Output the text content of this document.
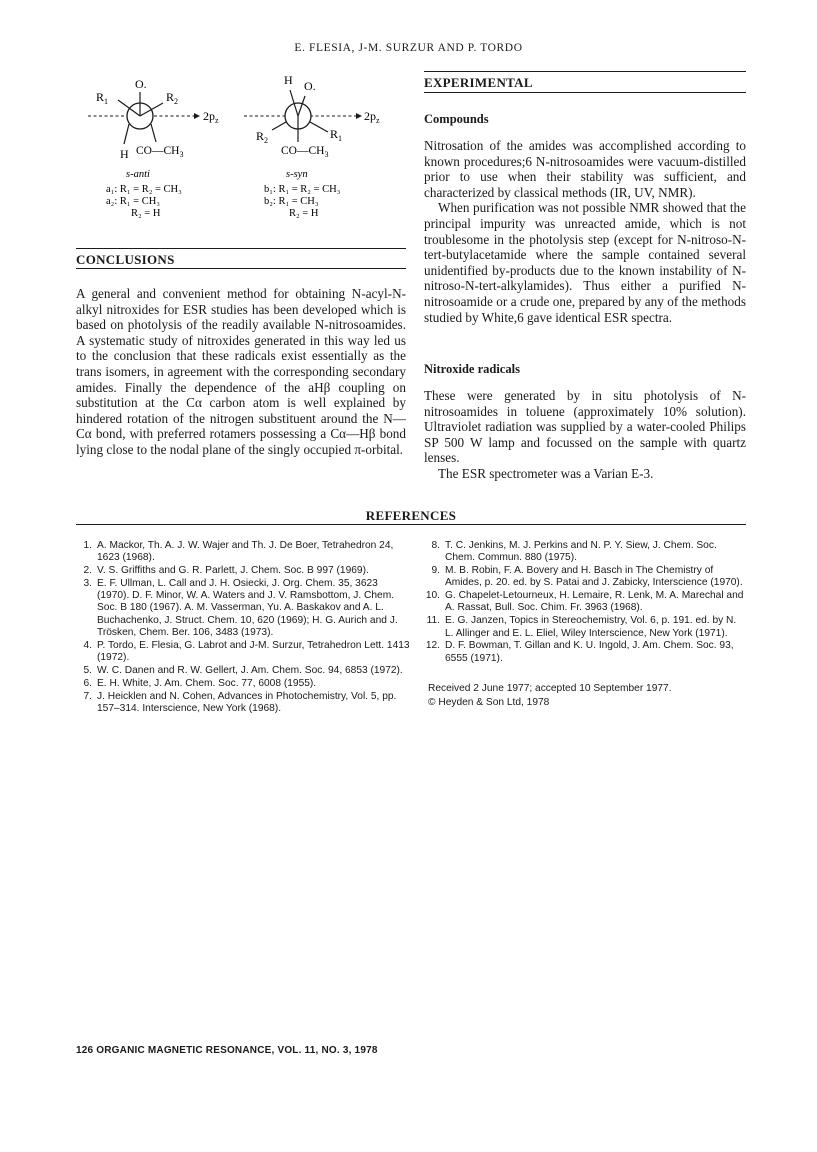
E. FLESIA, J-M. SURZUR AND P. TORDO
O.
$R_1$	$R_2$
$2p_z$
H $CO—CH_3$
s-anti
a₁: R₁ = R₂ = CH₃
a₂: R₁ = CH₃
R₂ = H
H O.
$R_2$	$R_1$
$2p_z$
$CO—CH_3$
s-syn
b₁: R₁ = R₂ = CH₃
b₂: R₁ = CH₃
R₂ = H
CONCLUSIONS

A general and convenient method for obtaining N-acyl-N-alkyl nitroxides for ESR studies has been developed which is based on photolysis of the readily available N-nitrosoamides. A systematic study of nitroxides generated in this way led us to the conclusion that these radicals exist essentially as the trans isomers, in agreement with the corresponding secondary amides. Finally the dependence of the aHβ coupling on substitution at the Cα carbon atom is well explained by hindered rotation of the nitrogen substituent around the N—Cα bond, with preferred rotamers possessing a Cα—Hβ bond lying close to the nodal plane of the singly occupied π-orbital.

EXPERIMENTAL
Compounds

Nitrosation of the amides was accomplished according to known procedures;6 N-nitrosoamides were vacuum-distilled prior to use when their stability was sufficient, and characterized by classical methods (IR, UV, NMR).

When purification was not possible NMR showed that the principal impurity was unreacted amide, which is not troublesome in the photolysis step (except for N-nitroso-N-tert-butylacetamide where the sample contained several unidentified by-products due to the known instability of N-nitroso-N-tert-alkylamides). Thus either a purified N-nitrosoamide or a crude one, prepared by any of the methods studied by White,6 gave identical ESR spectra.

Nitroxide radicals

These were generated by in situ photolysis of N-nitrosoamides in toluene (approximately 10% solution). Ultraviolet radiation was supplied by a water-cooled Philips SP 500 W lamp and focussed on the sample with quartz lenses.

The ESR spectrometer was a Varian E-3.

REFERENCES
1. A. Mackor, Th. A. J. W. Wajer and Th. J. De Boer, Tetrahedron 24, 1623 (1968).
2. V. S. Griffiths and G. R. Parlett, J. Chem. Soc. B 997 (1969).
3. E. F. Ullman, L. Call and J. H. Osiecki, J. Org. Chem. 35, 3623 (1970). D. F. Minor, W. A. Waters and J. V. Ramsbottom, J. Chem. Soc. B 180 (1967). A. M. Vasserman, Yu. A. Baskakov and A. L. Buchachenko, J. Struct. Chem. 10, 620 (1969); H. G. Aurich and J. Trösken, Chem. Ber. 106, 3483 (1973).
4. P. Tordo, E. Flesia, G. Labrot and J-M. Surzur, Tetrahedron Lett. 1413 (1972).
5. W. C. Danen and R. W. Gellert, J. Am. Chem. Soc. 94, 6853 (1972).
6. E. H. White, J. Am. Chem. Soc. 77, 6008 (1955).
7. J. Heicklen and N. Cohen, Advances in Photochemistry, Vol. 5, pp. 157–314. Interscience, New York (1968).
8. T. C. Jenkins, M. J. Perkins and N. P. Y. Siew, J. Chem. Soc. Chem. Commun. 880 (1975).
9. M. B. Robin, F. A. Bovery and H. Basch in The Chemistry of Amides, p. 20. ed. by S. Patai and J. Zabicky, Interscience (1970).
10. G. Chapelet-Letourneux, H. Lemaire, R. Lenk, M. A. Marechal and A. Rassat, Bull. Soc. Chim. Fr. 3963 (1968).
11. E. G. Janzen, Topics in Stereochemistry, Vol. 6, p. 191. ed. by N. L. Allinger and E. L. Eliel, Wiley Interscience, New York (1971).
12. D. F. Bowman, T. Gillan and K. U. Ingold, J. Am. Chem. Soc. 93, 6555 (1971).
Received 2 June 1977; accepted 10 September 1977.
© Heyden & Son Ltd, 1978
126 ORGANIC MAGNETIC RESONANCE, VOL. 11, NO. 3, 1978
